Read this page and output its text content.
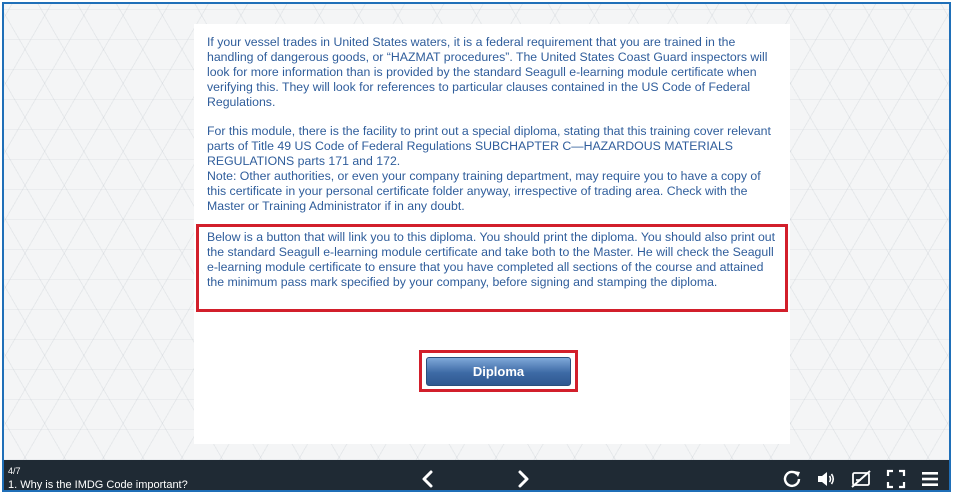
If your vessel trades in United States waters, it is a federal requirement that you are trained in the handling of dangerous goods, or “HAZMAT procedures”. The United States Coast Guard inspectors will look for more information than is provided by the standard Seagull e-learning module certificate when verifying this. They will look for references to particular clauses contained in the US Code of Federal Regulations.

For this module, there is the facility to print out a special diploma, stating that this training cover relevant parts of Title 49 US Code of Federal Regulations SUBCHAPTER C—HAZARDOUS MATERIALS REGULATIONS parts 171 and 172.
Note: Other authorities, or even your company training department, may require you to have a copy of this certificate in your personal certificate folder anyway, irrespective of trading area. Check with the Master or Training Administrator if in any doubt.

Below is a button that will link you to this diploma. You should print the diploma. You should also print out the standard Seagull e-learning module certificate and take both to the Master. He will check the Seagull e-learning module certificate to ensure that you have completed all sections of the course and attained the minimum pass mark specified by your company, before signing and stamping the diploma.

Diploma
4/7
1. Why is the IMDG Code important?
